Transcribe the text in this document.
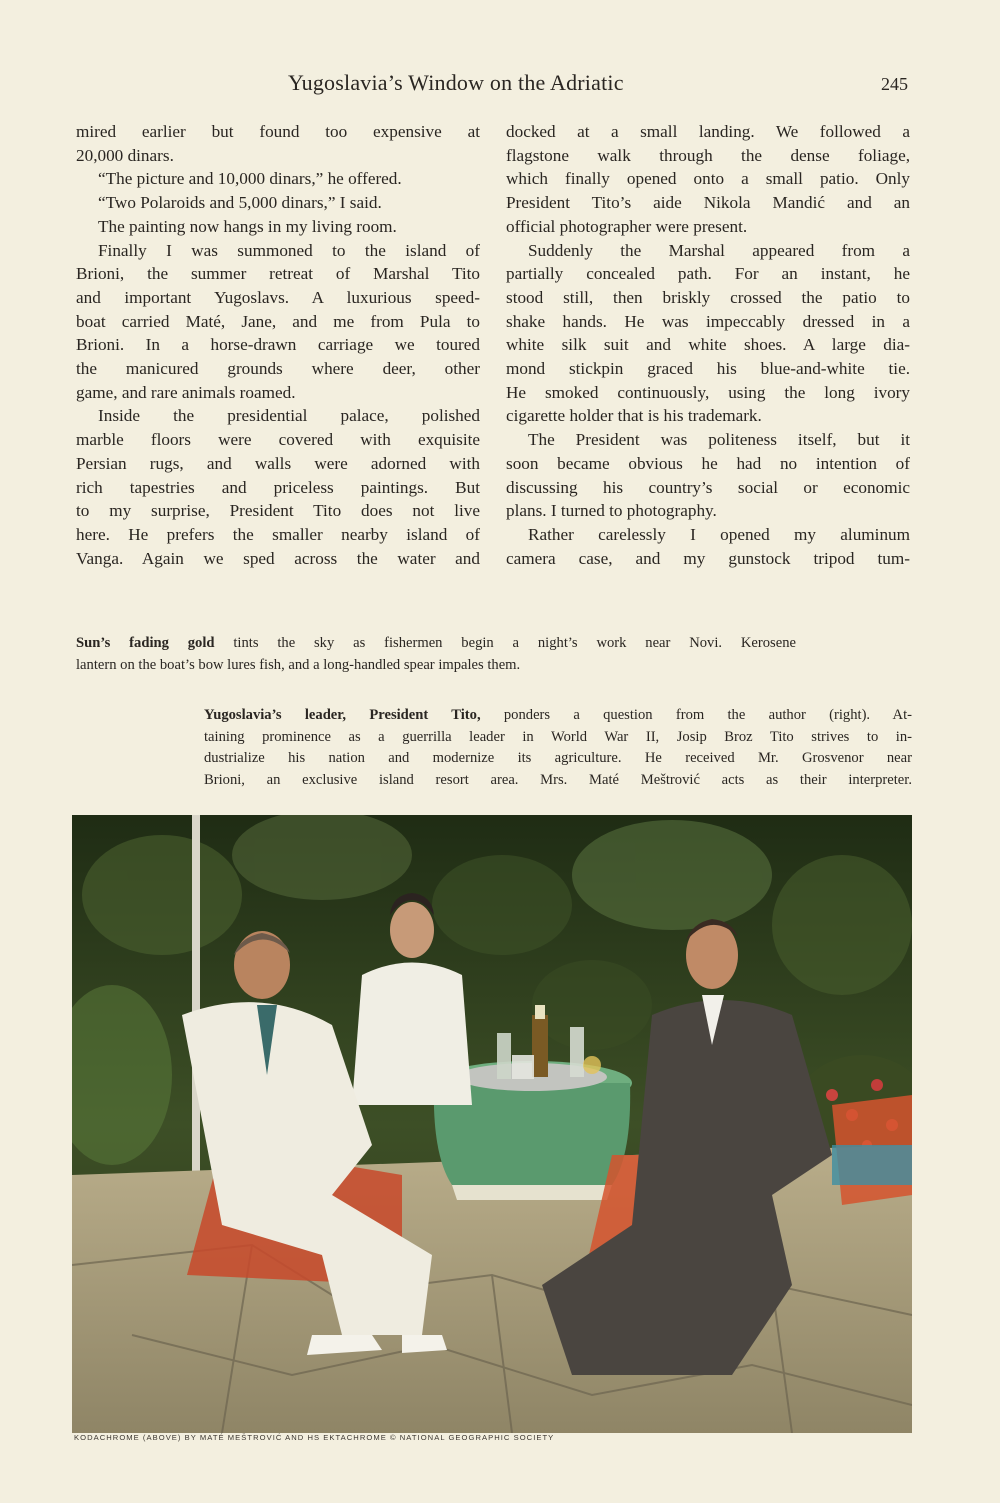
Yugoslavia’s Window on the Adriatic	245
mired earlier but found too expensive at
20,000 dinars.
“The picture and 10,000 dinars,” he offered.
“Two Polaroids and 5,000 dinars,” I said.
The painting now hangs in my living room.
Finally I was summoned to the island of
Brioni, the summer retreat of Marshal Tito
and important Yugoslavs. A luxurious speed-
boat carried Maté, Jane, and me from Pula to
Brioni. In a horse-drawn carriage we toured
the manicured grounds where deer, other
game, and rare animals roamed.
Inside the presidential palace, polished
marble floors were covered with exquisite
Persian rugs, and walls were adorned with
rich tapestries and priceless paintings. But
to my surprise, President Tito does not live
here. He prefers the smaller nearby island of
Vanga. Again we sped across the water and
docked at a small landing. We followed a
flagstone walk through the dense foliage,
which finally opened onto a small patio. Only
President Tito’s aide Nikola Mandić and an
official photographer were present.
Suddenly the Marshal appeared from a
partially concealed path. For an instant, he
stood still, then briskly crossed the patio to
shake hands. He was impeccably dressed in a
white silk suit and white shoes. A large dia-
mond stickpin graced his blue-and-white tie.
He smoked continuously, using the long ivory
cigarette holder that is his trademark.
The President was politeness itself, but it
soon became obvious he had no intention of
discussing his country’s social or economic
plans. I turned to photography.
Rather carelessly I opened my aluminum
camera case, and my gunstock tripod tum-
Sun’s fading gold tints the sky as fishermen begin a night’s work near Novi. Kerosene
lantern on the boat’s bow lures fish, and a long-handled spear impales them.
Yugoslavia’s leader, President Tito, ponders a question from the author (right). At-
taining prominence as a guerrilla leader in World War II, Josip Broz Tito strives to in-
dustrialize his nation and modernize its agriculture. He received Mr. Grosvenor near
Brioni, an exclusive island resort area. Mrs. Maté Meštrović acts as their interpreter.
KODACHROME (ABOVE) BY MATÉ MEŠTROVIĆ AND HS EKTACHROME © NATIONAL GEOGRAPHIC SOCIETY
